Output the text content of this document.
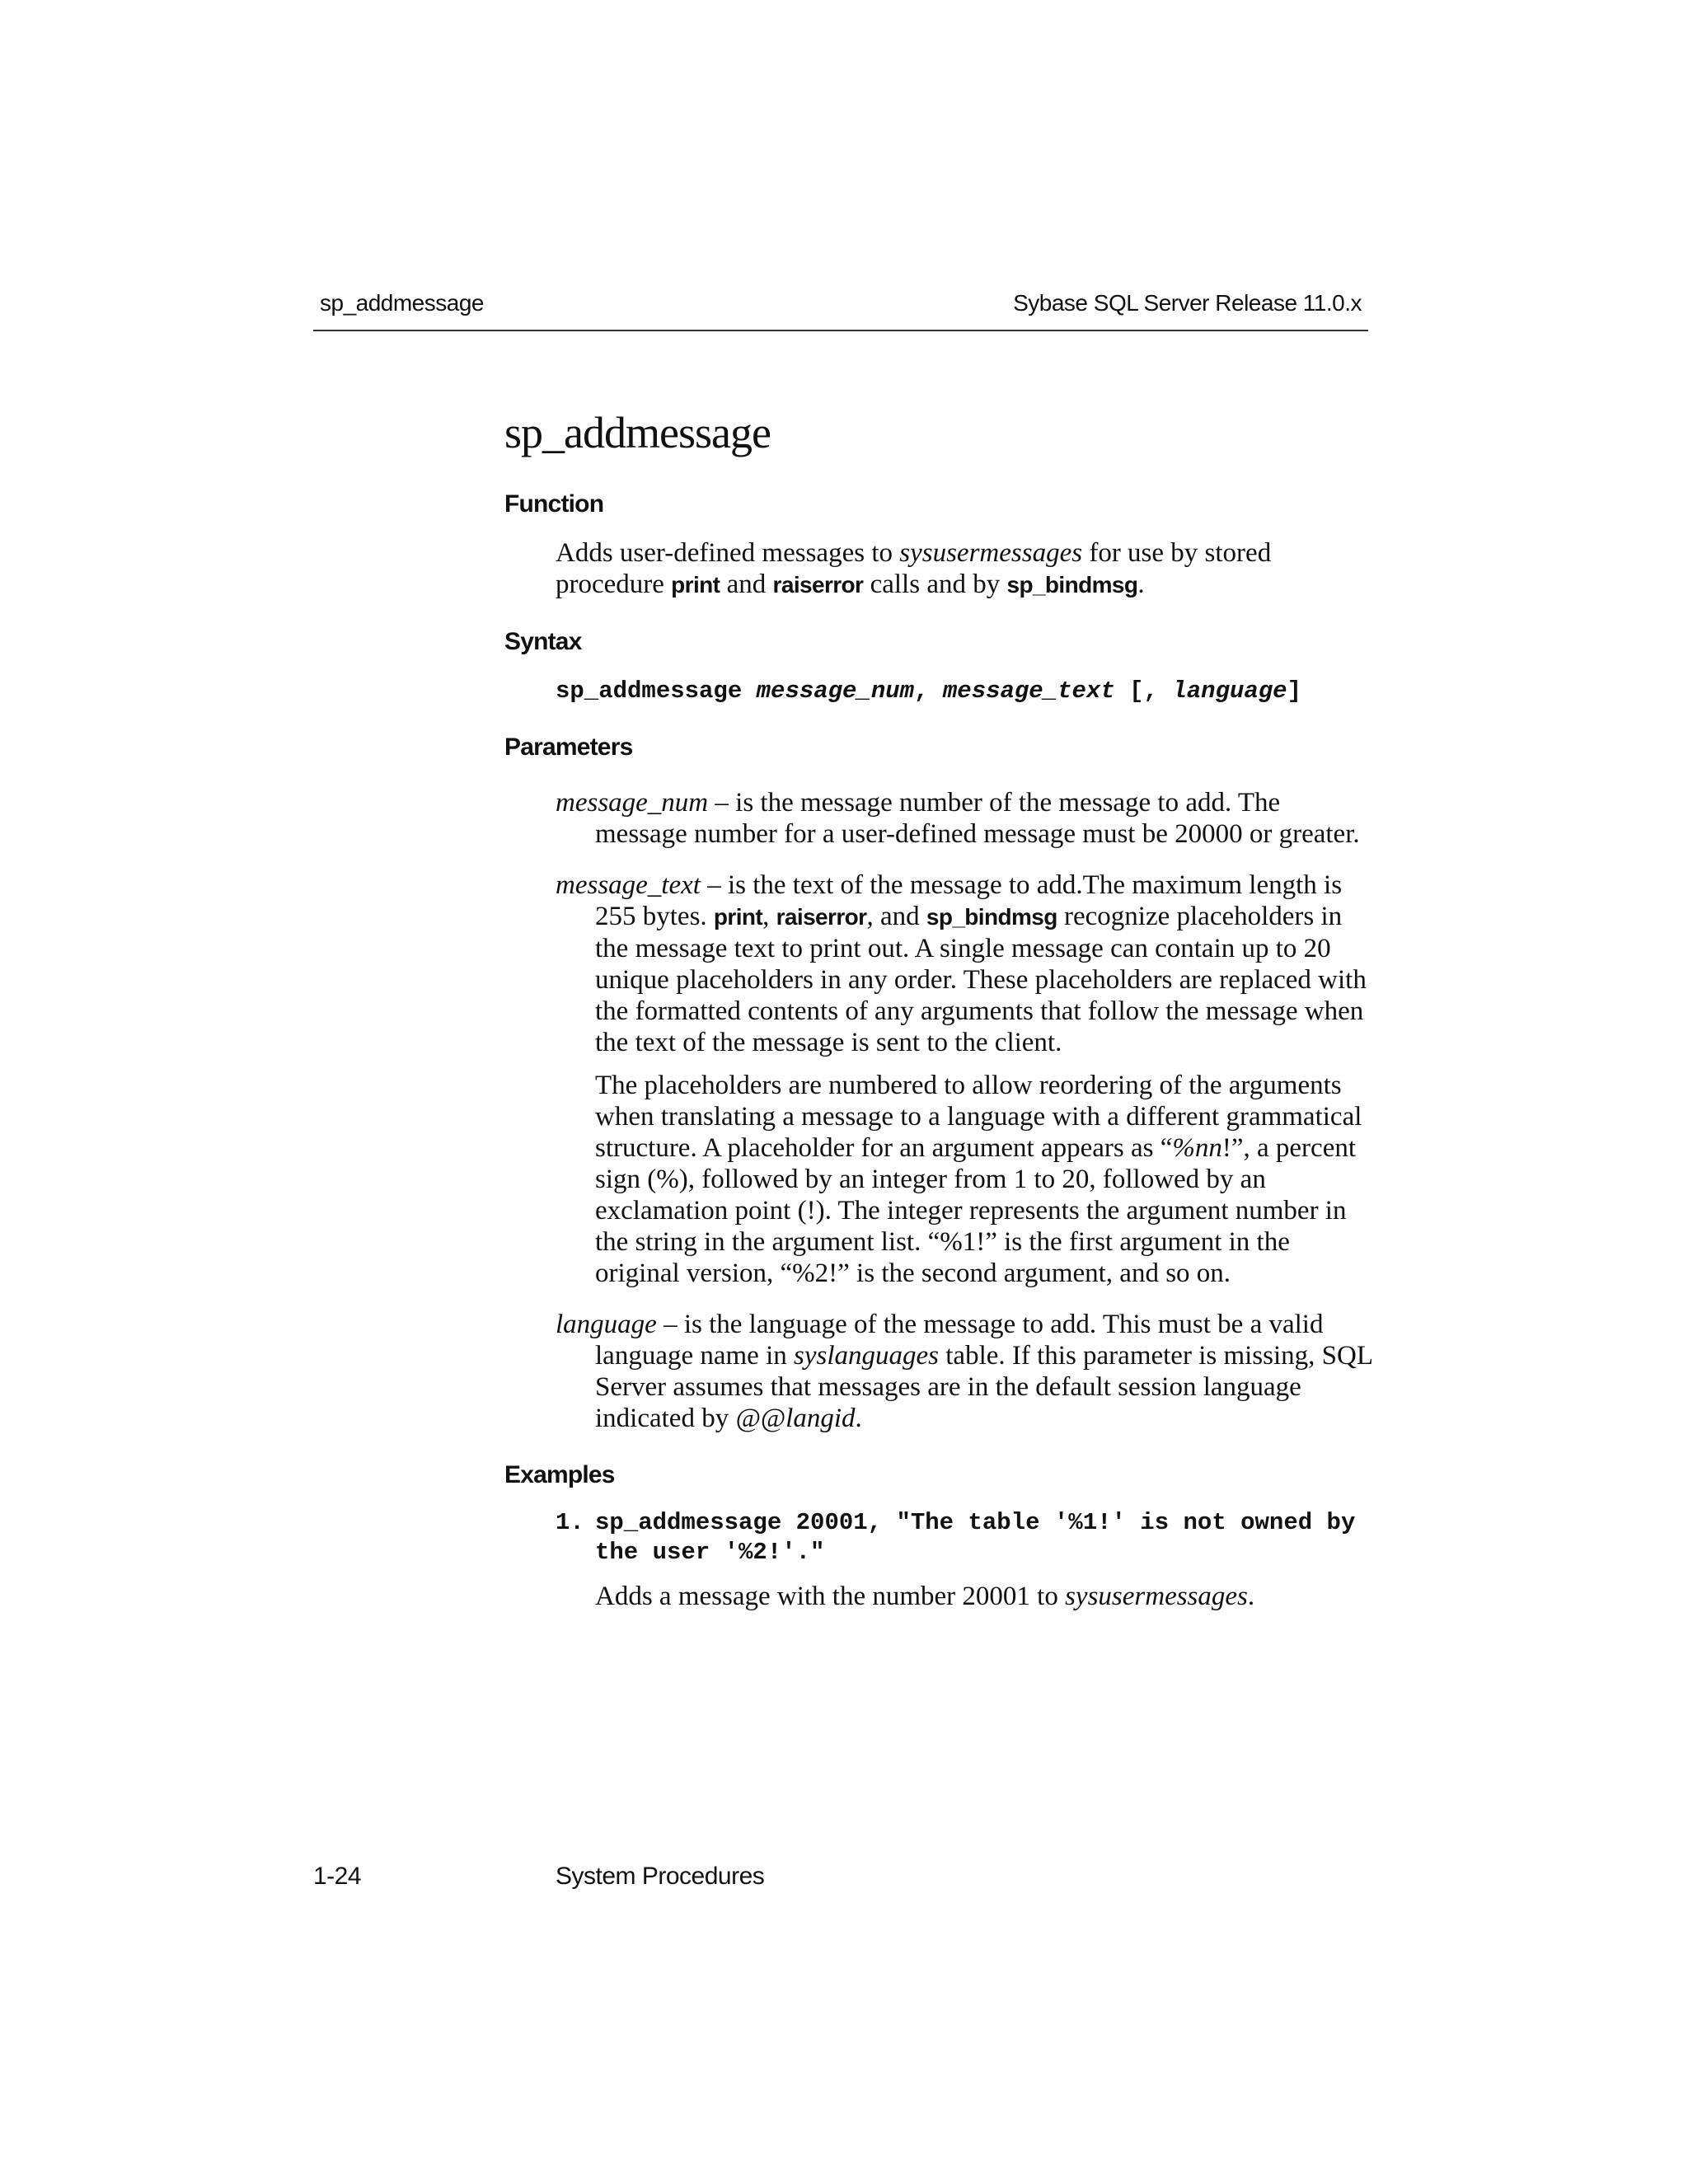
sp_addmessage	Sybase SQL Server Release 11.0.x
sp_addmessage

Function

Adds user-defined messages to sysusermessages for use by stored procedure print and raiserror calls and by sp_bindmsg.

Syntax

sp_addmessage message_num, message_text [, language]

Parameters

message_num – is the message number of the message to add. The message number for a user-defined message must be 20000 or greater.

message_text – is the text of the message to add.The maximum length is 255 bytes. print, raiserror, and sp_bindmsg recognize placeholders in the message text to print out. A single message can contain up to 20 unique placeholders in any order. These placeholders are replaced with the formatted contents of any arguments that follow the message when the text of the message is sent to the client.

The placeholders are numbered to allow reordering of the arguments when translating a message to a language with a different grammatical structure. A placeholder for an argument appears as “%nn!”, a percent sign (%), followed by an integer from 1 to 20, followed by an exclamation point (!). The integer represents the argument number in the string in the argument list. “%1!” is the first argument in the original version, “%2!” is the second argument, and so on.

language – is the language of the message to add. This must be a valid language name in syslanguages table. If this parameter is missing, SQL Server assumes that messages are in the default session language indicated by @@langid.

Examples

1. sp_addmessage 20001, "The table '%1!' is not owned by the user '%2!'."

Adds a message with the number 20001 to sysusermessages.

1-24	System Procedures
